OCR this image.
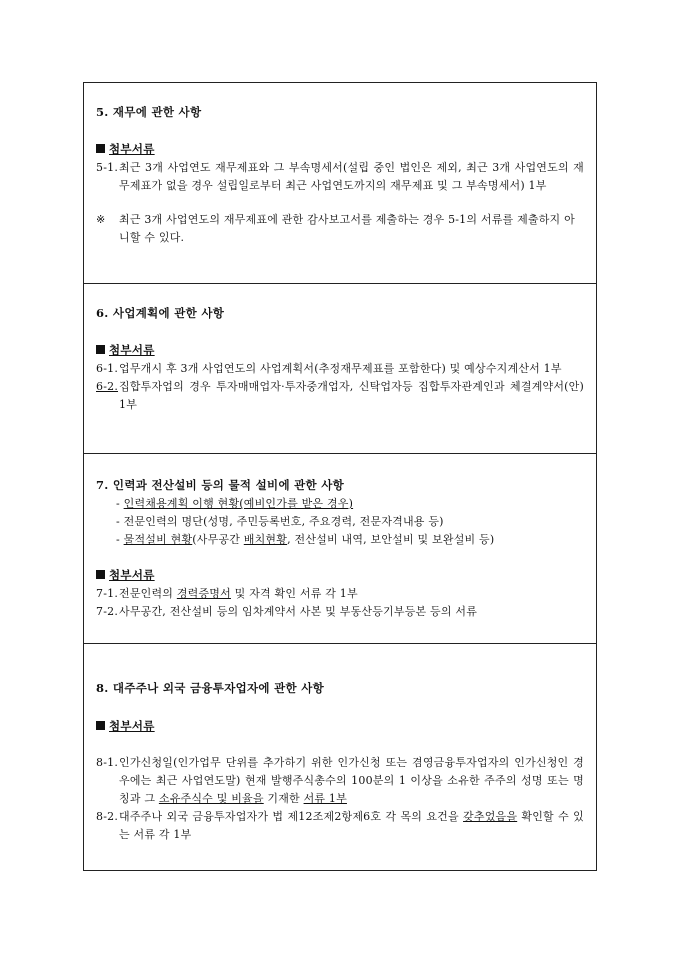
5. 재무에 관한 사항

첨부서류

5-1. 최근 3개 사업연도 재무제표와 그 부속명세서(설립 중인 법인은 제외, 최근 3개 사업연도의 재무제표가 없을 경우 설립일로부터 최근 사업연도까지의 재무제표 및 그 부속명세서) 1부

※ 최근 3개 사업연도의 재무제표에 관한 감사보고서를 제출하는 경우 5-1의 서류를 제출하지 아니할 수 있다.

6. 사업계획에 관한 사항

첨부서류

6-1. 업무개시 후 3개 사업연도의 사업계획서(추정재무제표를 포함한다) 및 예상수지계산서 1부

6-2. 집합투자업의 경우 투자매매업자·투자중개업자, 신탁업자등 집합투자관계인과 체결계약서(안) 1부

7. 인력과 전산설비 등의 물적 설비에 관한 사항

- 인력채용계획 이행 현황(예비인가를 받은 경우)

- 전문인력의 명단(성명, 주민등록번호, 주요경력, 전문자격내용 등)

- 물적설비 현황(사무공간 배치현황, 전산설비 내역, 보안설비 및 보완설비 등)

첨부서류

7-1. 전문인력의 경력증명서 및 자격 확인 서류 각 1부

7-2. 사무공간, 전산설비 등의 임차계약서 사본 및 부동산등기부등본 등의 서류

8. 대주주나 외국 금융투자업자에 관한 사항

첨부서류

8-1. 인가신청일(인가업무 단위를 추가하기 위한 인가신청 또는 겸영금융투자업자의 인가신청인 경우에는 최근 사업연도말) 현재 발행주식총수의 100분의 1 이상을 소유한 주주의 성명 또는 명칭과 그 소유주식수 및 비율을 기재한 서류 1부

8-2. 대주주나 외국 금융투자업자가 법 제12조제2항제6호 각 목의 요건을 갖추었음을 확인할 수 있는 서류 각 1부
